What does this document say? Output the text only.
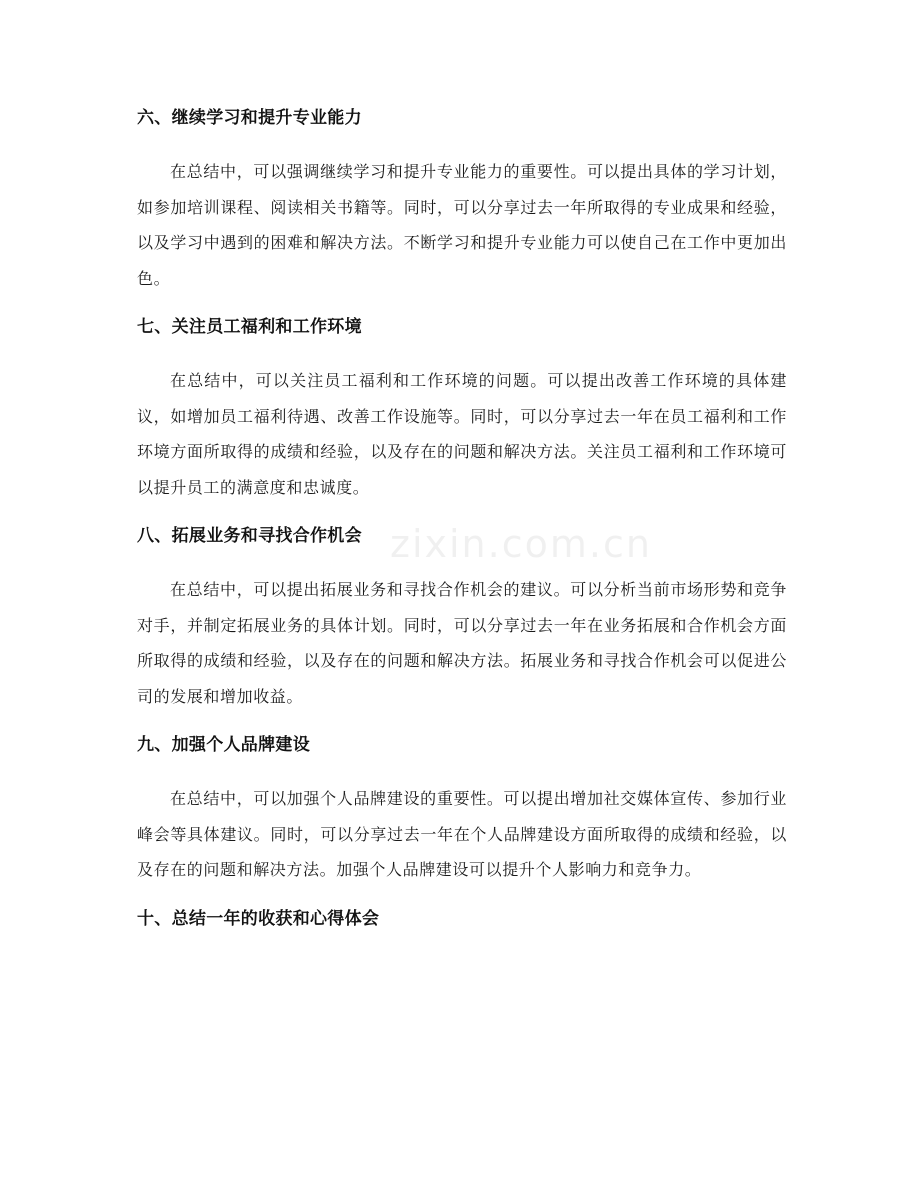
zixin.com.cn
六、继续学习和提升专业能力

在总结中，可以强调继续学习和提升专业能力的重要性。可以提出具体的学习计划，如参加培训课程、阅读相关书籍等。同时，可以分享过去一年所取得的专业成果和经验，以及学习中遇到的困难和解决方法。不断学习和提升专业能力可以使自己在工作中更加出色。

七、关注员工福利和工作环境

在总结中，可以关注员工福利和工作环境的问题。可以提出改善工作环境的具体建议，如增加员工福利待遇、改善工作设施等。同时，可以分享过去一年在员工福利和工作环境方面所取得的成绩和经验，以及存在的问题和解决方法。关注员工福利和工作环境可以提升员工的满意度和忠诚度。

八、拓展业务和寻找合作机会

在总结中，可以提出拓展业务和寻找合作机会的建议。可以分析当前市场形势和竞争对手，并制定拓展业务的具体计划。同时，可以分享过去一年在业务拓展和合作机会方面所取得的成绩和经验，以及存在的问题和解决方法。拓展业务和寻找合作机会可以促进公司的发展和增加收益。

九、加强个人品牌建设

在总结中，可以加强个人品牌建设的重要性。可以提出增加社交媒体宣传、参加行业峰会等具体建议。同时，可以分享过去一年在个人品牌建设方面所取得的成绩和经验，以及存在的问题和解决方法。加强个人品牌建设可以提升个人影响力和竞争力。

十、总结一年的收获和心得体会
